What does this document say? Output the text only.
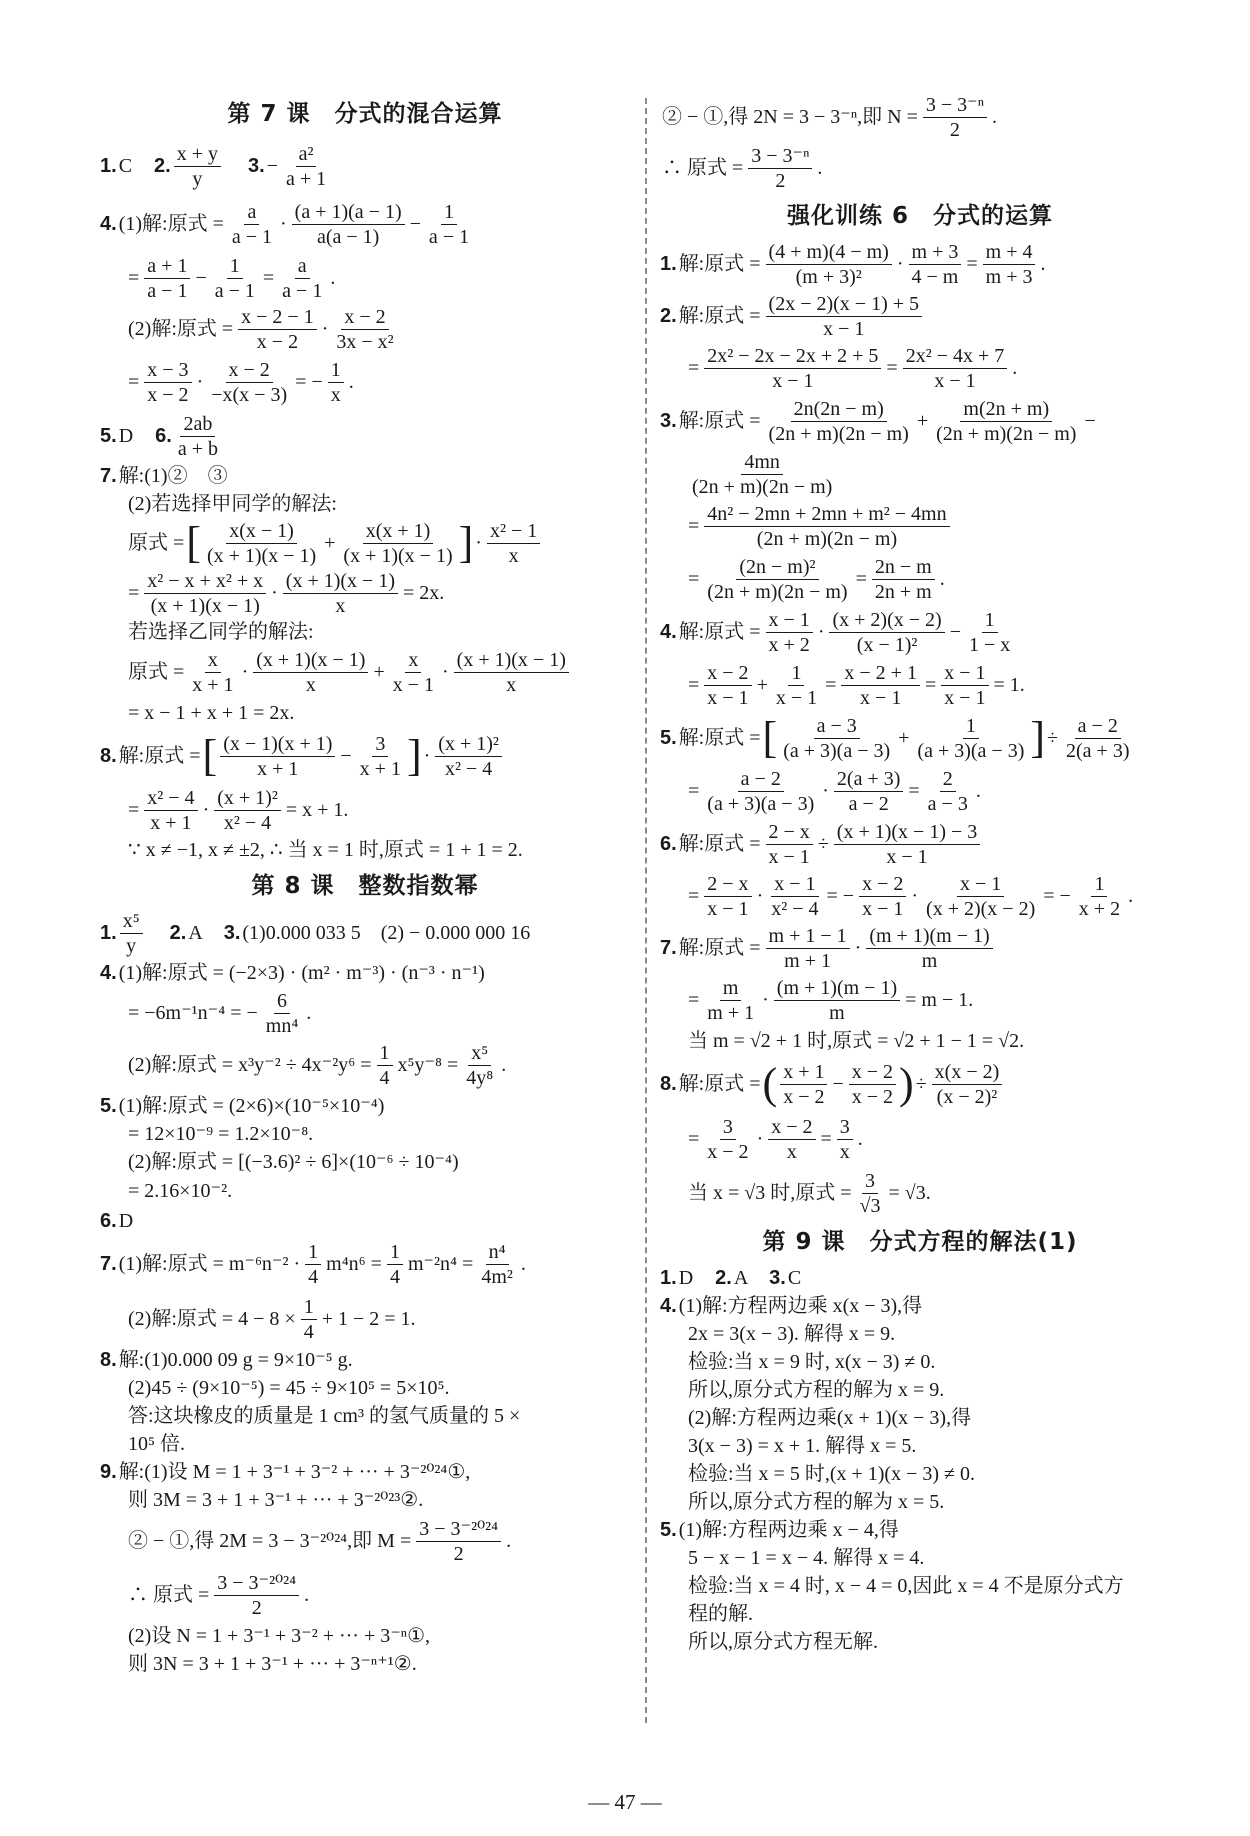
第 7 课　分式的混合运算
1. C　 2. $\frac{x + y}{y}$
　 3. − $\frac{\text{a²}}{a + 1}$
4. (1)解:原式 = $\frac{a}{a - 1} \cdot \frac{(a + 1)(a - 1)}{a(a - 1)} - \frac{1}{a - 1}$
= $\frac{a + 1}{a - 1} - \frac{1}{a - 1} = \frac{a}{a - 1}$ .
(2)解:原式 = $\frac{x - 2 - 1}{x - 2} \cdot \frac{x - 2}{\text{3x − x²}}$
= $\frac{x - 3}{x - 2} \cdot \frac{x - 2}{-x(x - 3)}$ = − $\frac{1}{x}$ .
5. D　 6. $\frac{2ab}{a + b}$
7. 解:(1)②　③
(2)若选择甲同学的解法:
原式 = [ $\frac{x(x - 1)}{(x + 1)(x - 1)} + \frac{x(x + 1)}{(x + 1)(x - 1)}$ ] · $\frac{\text{x² − 1}}{x}$
= $\frac{\text{x² − x + x² + x}}{(x + 1)(x - 1)} \cdot \frac{(x + 1)(x - 1)}{x} = 2x$.
若选择乙同学的解法:
原式 = $\frac{x}{x + 1} \cdot \frac{(x + 1)(x - 1)}{x} + \frac{x}{x - 1} \cdot \frac{(x + 1)(x - 1)}{x}$
= x − 1 + x + 1 = 2x.
8. 解:原式 = [ $\frac{(x - 1)(x + 1)}{x + 1} - \frac{3}{x + 1}$ ] · $\frac{\text{(x + 1)²}}{\text{x² − 4}}$
= $\frac{\text{x² − 4}}{x + 1} \cdot \frac{\text{(x + 1)²}}{\text{x² − 4}} = x + 1$.
∵ x ≠ −1, x ≠ ±2, ∴ 当 x = 1 时,原式 = 1 + 1 = 2.
第 8 课　整数指数幂
1. $\frac{\text{x⁵}}{y}$
　 2. A　 3. (1)0.000 033 5　(2) − 0.000 000 16
4. (1)解:原式 = (−2×3) · (m² · m⁻³) · (n⁻³ · n⁻¹)
= −6m⁻¹n⁻⁴ = − $\frac{6}{\text{mn⁴}}$ .
(2)解:原式 = $x^3y^{-2} \div 4x^{-2}y^6 = \frac{1}{4} x^5y^{-8} = \frac{\text{x⁵}}{\text{4y⁸}}$ .
5. (1)解:原式 = (2×6)×(10⁻⁵×10⁻⁴)
= 12×10⁻⁹ = 1.2×10⁻⁸.
(2)解:原式 = [(−3.6)² ÷ 6]×(10⁻⁶ ÷ 10⁻⁴)
= 2.16×10⁻².
6. D
7. (1)解:原式 = $m^{-6}n^{-2} \cdot \frac{1}{4} m^4n^6 = \frac{1}{4} m^{-2}n^4 = \frac{\text{n⁴}}{\text{4m²}}$ .
(2)解:原式 = $4 - 8 \times \frac{1}{4} + 1 - 2 = 1$.
8. 解:(1)0.000 09 g = 9×10⁻⁵ g.
(2)45 ÷ (9×10⁻⁵) = 45 ÷ 9×10⁵ = 5×10⁵.
答:这块橡皮的质量是 1 cm³ 的氢气质量的 5 ×
10⁵ 倍.
9. 解:(1)设 M = 1 + 3⁻¹ + 3⁻² + ··· + 3⁻²⁰²⁴①,
则 3M = 3 + 1 + 3⁻¹ + ··· + 3⁻²⁰²³②.
② − ①,得 2M = 3 − 3⁻²⁰²⁴,即 $M = \frac{\text{3 − 3⁻²⁰²⁴}}{2}$ .
∴ 原式 = $\frac{\text{3 − 3⁻²⁰²⁴}}{2}$ .
(2)设 N = 1 + 3⁻¹ + 3⁻² + ··· + 3⁻ⁿ①,
则 3N = 3 + 1 + 3⁻¹ + ··· + 3⁻ⁿ⁺¹②.
② − ①,得 2N = 3 − 3⁻ⁿ,即 $N = \frac{\text{3 − 3⁻ⁿ}}{2}$ .
∴ 原式 = $\frac{\text{3 − 3⁻ⁿ}}{2}$ .
强化训练 6　分式的运算
1. 解:原式 = $\frac{(4 + m)(4 - m)}{\text{(m + 3)²}} \cdot \frac{m + 3}{4 - m} = \frac{m + 4}{m + 3}$ .
2. 解:原式 = $\frac{(2x - 2)(x - 1) + 5}{x - 1}$
= $\frac{\text{2x² − 2x − 2x + 2 + 5}}{x - 1} = \frac{\text{2x² − 4x + 7}}{x - 1}$ .
3. 解:原式 = $\frac{2n(2n - m)}{(2n + m)(2n - m)} + \frac{m(2n + m)}{(2n + m)(2n - m)}$ −
$\frac{4mn}{(2n + m)(2n - m)}$
= $\frac{\text{4n² − 2mn + 2mn + m² − 4mn}}{(2n + m)(2n - m)}$
= $\frac{\text{(2n − m)²}}{(2n + m)(2n - m)} = \frac{2n - m}{2n + m}$ .
4. 解:原式 = $\frac{x - 1}{x + 2} \cdot \frac{(x + 2)(x - 2)}{\text{(x − 1)²}} - \frac{1}{1 - x}$
= $\frac{x - 2}{x - 1} + \frac{1}{x - 1} = \frac{x - 2 + 1}{x - 1} = \frac{x - 1}{x - 1} = 1$.
5. 解:原式 = [ $\frac{a - 3}{(a + 3)(a - 3)} + \frac{1}{(a + 3)(a - 3)}$ ] ÷ $\frac{a - 2}{2(a + 3)}$
= $\frac{a - 2}{(a + 3)(a - 3)} \cdot \frac{2(a + 3)}{a - 2} = \frac{2}{a - 3}$ .
6. 解:原式 = $\frac{2 - x}{x - 1} \div \frac{(x + 1)(x - 1) - 3}{x - 1}$
= $\frac{2 - x}{x - 1} \cdot \frac{x - 1}{\text{x² − 4}}$ = − $\frac{x - 2}{x - 1} \cdot \frac{x - 1}{(x + 2)(x - 2)}$ = − $\frac{1}{x + 2}$ .
7. 解:原式 = $\frac{m + 1 - 1}{m + 1} \cdot \frac{(m + 1)(m - 1)}{m}$
= $\frac{m}{m + 1} \cdot \frac{(m + 1)(m - 1)}{m} = m - 1$.
当 m = √2 + 1 时,原式 = √2 + 1 − 1 = √2.
8. 解:原式 = ( $\frac{x + 1}{x - 2} - \frac{x - 2}{x - 2}$ ) ÷ $\frac{x(x - 2)}{\text{(x − 2)²}}$
= $\frac{3}{x - 2} \cdot \frac{x - 2}{x} = \frac{3}{x}$ .
当 x = √3 时,原式 = $\frac{3}{√3} = √3$.
第 9 课　分式方程的解法(1)
1. D　 2. A　 3. C
4. (1)解:方程两边乘 x(x − 3),得
2x = 3(x − 3). 解得 x = 9.
检验:当 x = 9 时, x(x − 3) ≠ 0.
所以,原分式方程的解为 x = 9.
(2)解:方程两边乘(x + 1)(x − 3),得
3(x − 3) = x + 1. 解得 x = 5.
检验:当 x = 5 时,(x + 1)(x − 3) ≠ 0.
所以,原分式方程的解为 x = 5.
5. (1)解:方程两边乘 x − 4,得
5 − x − 1 = x − 4. 解得 x = 4.
检验:当 x = 4 时, x − 4 = 0,因此 x = 4 不是原分式方
程的解.
所以,原分式方程无解.
— 47 —
